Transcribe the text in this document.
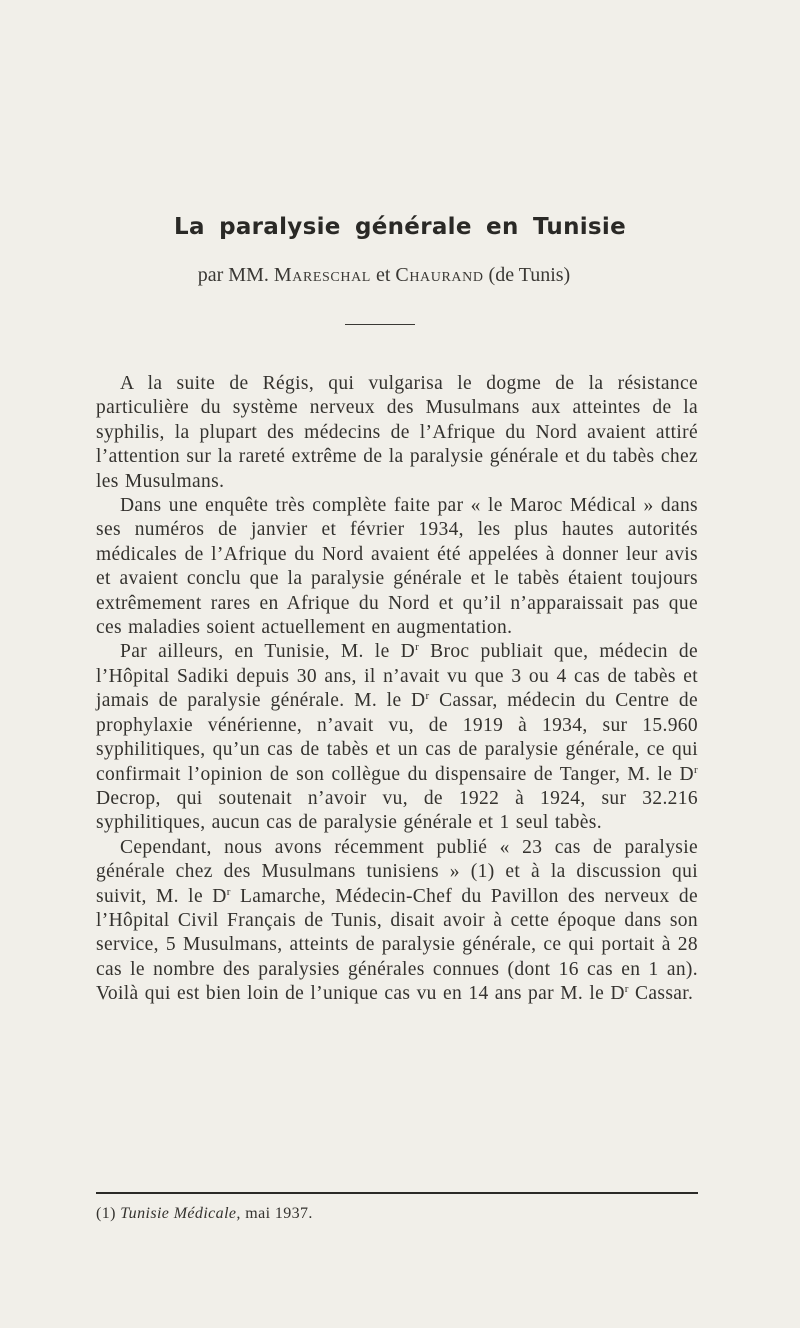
La paralysie générale en Tunisie
par MM. Mareschal et Chaurand (de Tunis)

A la suite de Régis, qui vulgarisa le dogme de la résistance particulière du système nerveux des Musulmans aux atteintes de la syphilis, la plupart des médecins de l’Afrique du Nord avaient attiré l’attention sur la rareté extrême de la paralysie générale et du tabès chez les Musulmans.

Dans une enquête très complète faite par « le Maroc Médical » dans ses numéros de janvier et février 1934, les plus hautes autorités médicales de l’Afrique du Nord avaient été appelées à donner leur avis et avaient conclu que la paralysie générale et le tabès étaient toujours extrêmement rares en Afrique du Nord et qu’il n’apparaissait pas que ces maladies soient actuellement en augmentation.

Par ailleurs, en Tunisie, M. le $D^r$ Broc publiait que, médecin de l’Hôpital Sadiki depuis 30 ans, il n’avait vu que 3 ou 4 cas de tabès et jamais de paralysie générale. M. le $D^r$ Cassar, médecin du Centre de prophylaxie vénérienne, n’avait vu, de 1919 à 1934, sur 15.960 syphilitiques, qu’un cas de tabès et un cas de paralysie générale, ce qui confirmait l’opinion de son collègue du dispensaire de Tanger, M. le $D^r$ Decrop, qui soutenait n’avoir vu, de 1922 à 1924, sur 32.216 syphilitiques, aucun cas de paralysie générale et 1 seul tabès.

Cependant, nous avons récemment publié « 23 cas de paralysie générale chez des Musulmans tunisiens » (1) et à la discussion qui suivit, M. le $D^r$ Lamarche, Médecin-Chef du Pavillon des nerveux de l’Hôpital Civil Français de Tunis, disait avoir à cette époque dans son service, 5 Musulmans, atteints de paralysie générale, ce qui portait à 28 cas le nombre des paralysies générales connues (dont 16 cas en 1 an). Voilà qui est bien loin de l’unique cas vu en 14 ans par M. le $D^r$ Cassar.

(1) Tunisie Médicale, mai 1937.
